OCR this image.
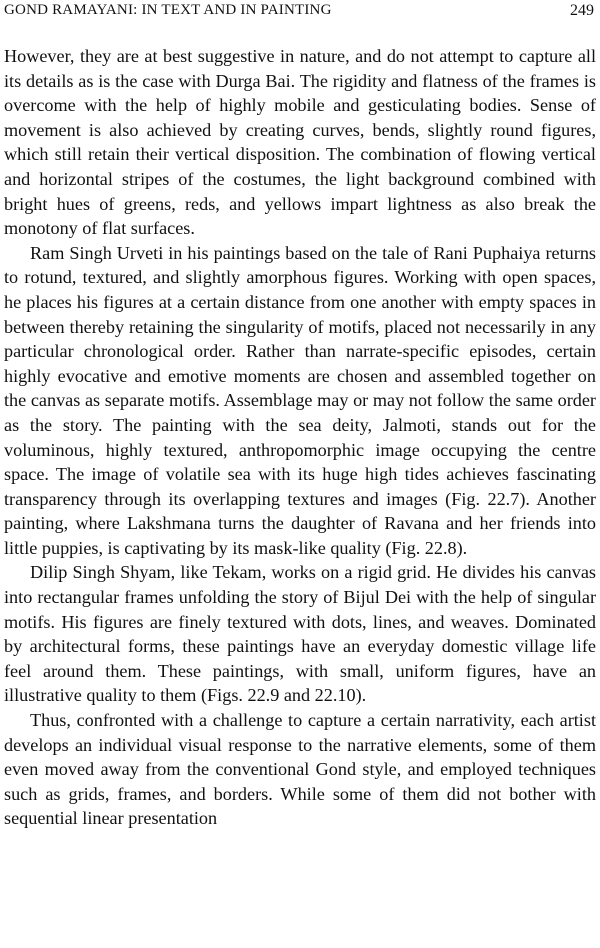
GOND RAMAYANI: IN TEXT AND IN PAINTING	249

However, they are at best suggestive in nature, and do not attempt to capture all its details as is the case with Durga Bai. The rigidity and flatness of the frames is overcome with the help of highly mobile and gesticulating bodies. Sense of movement is also achieved by creating curves, bends, slightly round figures, which still retain their vertical disposition. The combination of flowing vertical and horizontal stripes of the costumes, the light background combined with bright hues of greens, reds, and yellows impart lightness as also break the monotony of flat surfaces.

Ram Singh Urveti in his paintings based on the tale of Rani Puphaiya returns to rotund, textured, and slightly amorphous figures. Working with open spaces, he places his figures at a certain distance from one another with empty spaces in between thereby retaining the singularity of motifs, placed not necessarily in any particular chronological order. Rather than narrate-specific episodes, certain highly evocative and emotive moments are chosen and assembled together on the canvas as separate motifs. Assemblage may or may not follow the same order as the story. The painting with the sea deity, Jalmoti, stands out for the voluminous, highly textured, anthropomorphic image occupying the centre space. The image of volatile sea with its huge high tides achieves fascinating transparency through its overlapping textures and images (Fig. 22.7). Another painting, where Lakshmana turns the daughter of Ravana and her friends into little puppies, is captivating by its mask-like quality (Fig. 22.8).

Dilip Singh Shyam, like Tekam, works on a rigid grid. He divides his canvas into rectangular frames unfolding the story of Bijul Dei with the help of singular motifs. His figures are finely textured with dots, lines, and weaves. Dominated by architectural forms, these paintings have an everyday domestic village life feel around them. These paintings, with small, uniform figures, have an illustrative quality to them (Figs. 22.9 and 22.10).

Thus, confronted with a challenge to capture a certain narrativity, each artist develops an individual visual response to the narrative elements, some of them even moved away from the conventional Gond style, and employed techniques such as grids, frames, and borders. While some of them did not bother with sequential linear presentation
